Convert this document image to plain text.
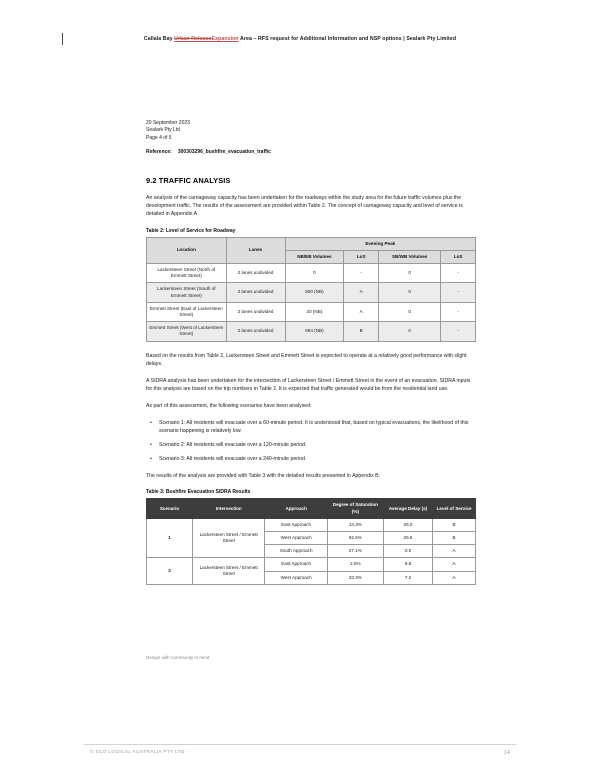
Callala Bay Urban ReleaseExpansion Area – RFS request for Additional Information and NSP options | Sealark Pty Limited
20 September 2023
Sealark Pty Ltd
Page 4 of 5
Reference: 300303296_bushfire_evacuation_traffic
9.2 TRAFFIC ANALYSIS

An analysis of the carriageway capacity has been undertaken for the roadways within the study area for the future traffic volumes plus the development traffic. The results of the assessment are provided within Table 2. The concept of carriageway capacity and level of service is detailed in Appendix A

Table 2: Level of Service for Roadway
Location	Lanes	Evening Peak			
		NB/EB Volumes	LoS	SB/WB Volumes	LoS
Lackersteen Street (North of Emmett Street)	2 lanes undivided	0	-	0	-
Lackersteen Street (South of Emmett Street)	2 lanes undivided	500 (NB)	A	0	-
Emmett Street (East of Lackersteen Street)	2 lanes undivided	20 (NB)	A	0	-
Emmett Street (West of Lackersteen Street)	2 lanes undivided	694 (NB)	B	0	-

Based on the results from Table 2, Lackersteen Street and Emmett Street is expected to operate at a relatively good performance with slight delays.

A SIDRA analysis has been undertaken for the intersection of Lackersteen Street / Emmett Street in the event of an evacuation. SIDRA inputs for this analysis are based on the trip numbers in Table 2. It is expected that traffic generated would be from the residential land use.

As part of this assessment, the following scenarios have been analysed:

• Scenario 1: All residents will evacuate over a 60-minute period. It is understood that, based on typical evacuations, the likelihood of this scenario happening is relatively low.
• Scenario 2: All residents will evacuate over a 120-minute period.
• Scenario 3: All residents will evacuate over a 240-minute period.

The results of the analysis are provided with Table 3 with the detailed results presented in Appendix B.

Table 3: Bushfire Evacuation SIDRA Results
Scenario	Intersection	Approach	Degree of Saturation (%)	Average Delay (s)	Level of Service
1	Lackersteen Street / Emmett Street	East Approach	14.3%	26.0	B
		West Approach	92.5%	25.6	B
		South Approach	27.1%	0.0	A
2	Lackersteen Street / Emmett Street	East Approach	2.5%	9.8	A
		West Approach	33.3%	7.2	A
Design with community in mind
© ECO LOGICAL AUSTRALIA PTY LTD	14
